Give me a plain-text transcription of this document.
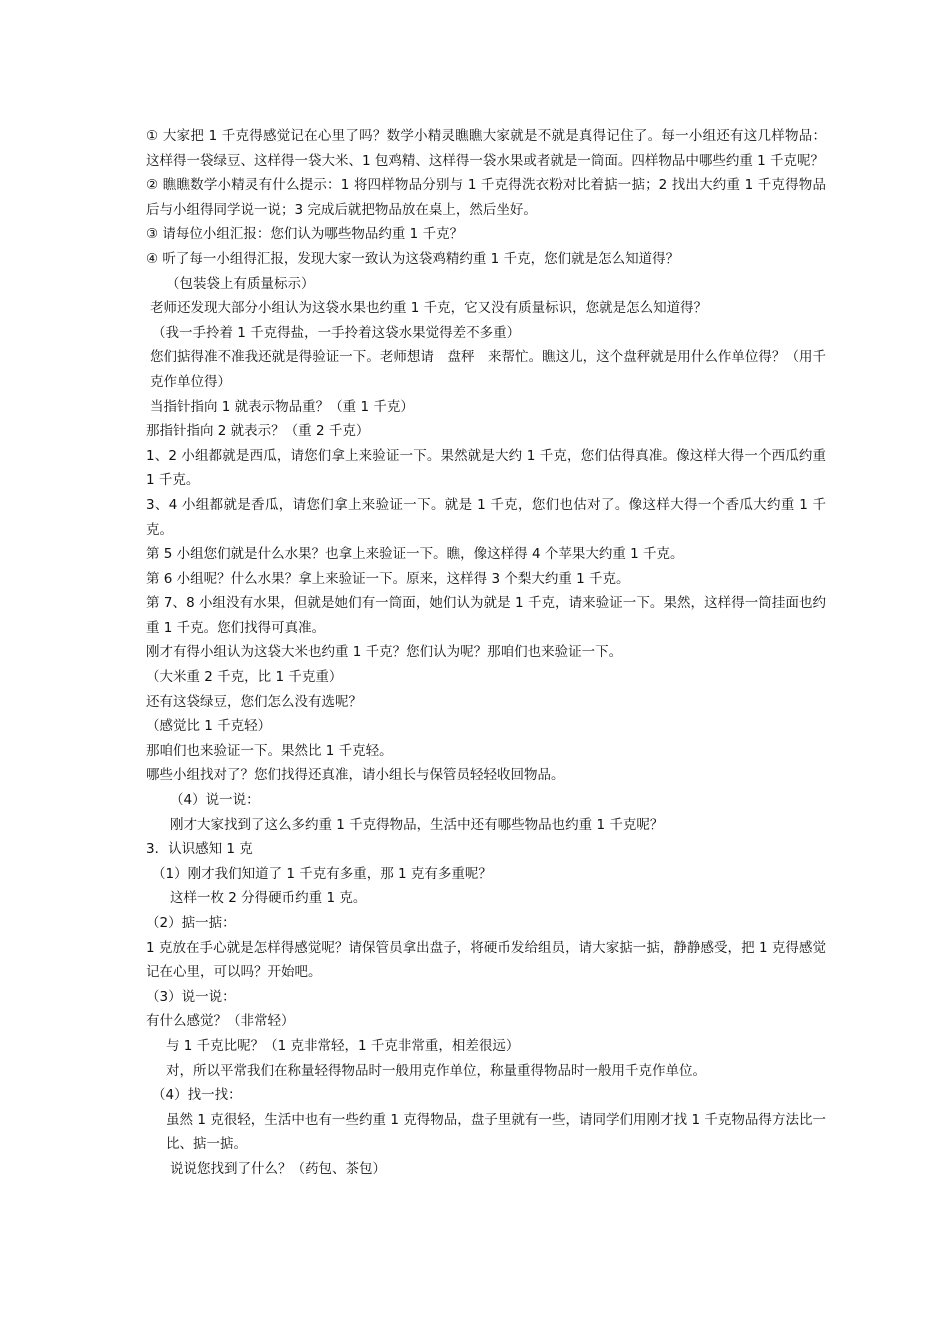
① 大家把 1 千克得感觉记在心里了吗？数学小精灵瞧瞧大家就是不就是真得记住了。每一小组还有这几样物品：这样得一袋绿豆、这样得一袋大米、1 包鸡精、这样得一袋水果或者就是一筒面。四样物品中哪些约重 1 千克呢？

② 瞧瞧数学小精灵有什么提示：1 将四样物品分别与 1 千克得洗衣粉对比着掂一掂；2 找出大约重 1 千克得物品后与小组得同学说一说；3 完成后就把物品放在桌上，然后坐好。

③ 请每位小组汇报：您们认为哪些物品约重 1 千克？

④ 听了每一小组得汇报，发现大家一致认为这袋鸡精约重 1 千克，您们就是怎么知道得？

（包装袋上有质量标示）

老师还发现大部分小组认为这袋水果也约重 1 千克，它又没有质量标识，您就是怎么知道得？

（我一手拎着 1 千克得盐，一手拎着这袋水果觉得差不多重）

您们掂得准不准我还就是得验证一下。老师想请　盘秤　来帮忙。瞧这儿，这个盘秤就是用什么作单位得？（用千克作单位得）

当指针指向 1 就表示物品重？（重 1 千克）

那指针指向 2 就表示？（重 2 千克）

1、2 小组都就是西瓜，请您们拿上来验证一下。果然就是大约 1 千克，您们估得真准。像这样大得一个西瓜约重 1 千克。

3、4 小组都就是香瓜，请您们拿上来验证一下。就是 1 千克，您们也估对了。像这样大得一个香瓜大约重 1 千克。

第 5 小组您们就是什么水果？也拿上来验证一下。瞧，像这样得 4 个苹果大约重 1 千克。

第 6 小组呢？什么水果？拿上来验证一下。原来，这样得 3 个梨大约重 1 千克。

第 7、8 小组没有水果，但就是她们有一筒面，她们认为就是 1 千克，请来验证一下。果然，这样得一筒挂面也约重 1 千克。您们找得可真准。

刚才有得小组认为这袋大米也约重 1 千克？您们认为呢？那咱们也来验证一下。

（大米重 2 千克，比 1 千克重）

还有这袋绿豆，您们怎么没有选呢？

（感觉比 1 千克轻）

那咱们也来验证一下。果然比 1 千克轻。

哪些小组找对了？您们找得还真准，请小组长与保管员轻轻收回物品。

（4）说一说：

刚才大家找到了这么多约重 1 千克得物品，生活中还有哪些物品也约重 1 千克呢？

3．认识感知 1 克

（1）刚才我们知道了 1 千克有多重，那 1 克有多重呢？

这样一枚 2 分得硬币约重 1 克。

（2）掂一掂：

1 克放在手心就是怎样得感觉呢？请保管员拿出盘子，将硬币发给组员，请大家掂一掂，静静感受，把 1 克得感觉记在心里，可以吗？开始吧。

（3）说一说：

有什么感觉？（非常轻）

与 1 千克比呢？（1 克非常轻，1 千克非常重，相差很远）

对，所以平常我们在称量轻得物品时一般用克作单位，称量重得物品时一般用千克作单位。

（4）找一找：

虽然 1 克很轻，生活中也有一些约重 1 克得物品，盘子里就有一些，请同学们用刚才找 1 千克物品得方法比一比、掂一掂。

说说您找到了什么？（药包、茶包）
